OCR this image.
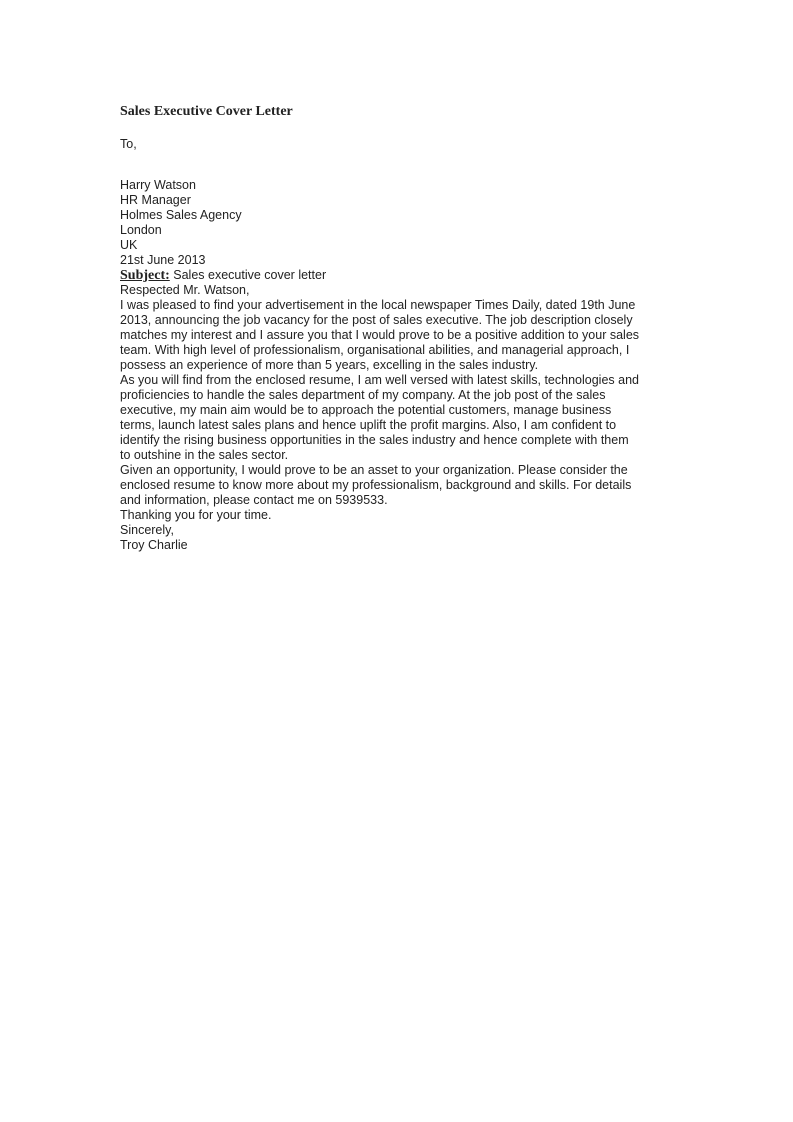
Sales Executive Cover Letter
To,
Harry Watson
HR Manager
Holmes Sales Agency
London
UK
21st June 2013
Subject: Sales executive cover letter
Respected Mr. Watson,
I was pleased to find your advertisement in the local newspaper Times Daily, dated 19th June
2013, announcing the job vacancy for the post of sales executive. The job description closely
matches my interest and I assure you that I would prove to be a positive addition to your sales
team. With high level of professionalism, organisational abilities, and managerial approach, I
possess an experience of more than 5 years, excelling in the sales industry.
As you will find from the enclosed resume, I am well versed with latest skills, technologies and
proficiencies to handle the sales department of my company. At the job post of the sales
executive, my main aim would be to approach the potential customers, manage business
terms, launch latest sales plans and hence uplift the profit margins. Also, I am confident to
identify the rising business opportunities in the sales industry and hence complete with them
to outshine in the sales sector.
Given an opportunity, I would prove to be an asset to your organization. Please consider the
enclosed resume to know more about my professionalism, background and skills. For details
and information, please contact me on 5939533.
Thanking you for your time.
Sincerely,
Troy Charlie
